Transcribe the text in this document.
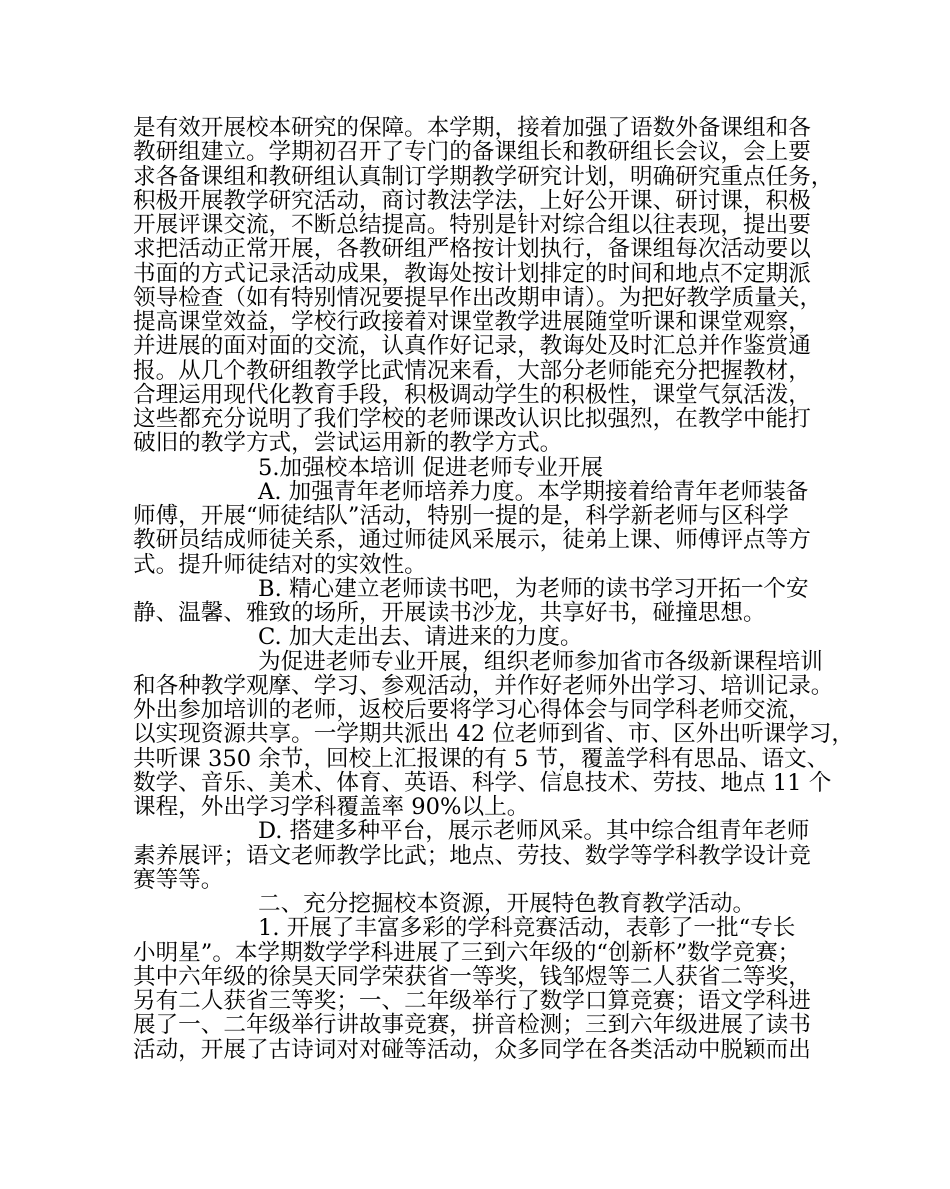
是有效开展校本研究的保障。本学期，接着加强了语数外备课组和各
教研组建立。学期初召开了专门的备课组长和教研组长会议，会上要
求各备课组和教研组认真制订学期教学研究计划，明确研究重点任务，
积极开展教学研究活动，商讨教法学法，上好公开课、研讨课，积极
开展评课交流，不断总结提高。特别是针对综合组以往表现，提出要
求把活动正常开展，各教研组严格按计划执行，备课组每次活动要以
书面的方式记录活动成果，教诲处按计划排定的时间和地点不定期派
领导检查（如有特别情况要提早作出改期申请）。为把好教学质量关，
提高课堂效益，学校行政接着对课堂教学进展随堂听课和课堂观察，
并进展的面对面的交流，认真作好记录，教诲处及时汇总并作鉴赏通
报。从几个教研组教学比武情况来看，大部分老师能充分把握教材，
合理运用现代化教育手段，积极调动学生的积极性，课堂气氛活泼，
这些都充分说明了我们学校的老师课改认识比拟强烈，在教学中能打
破旧的教学方式，尝试运用新的教学方式。
5.加强校本培训 促进老师专业开展
A. 加强青年老师培养力度。本学期接着给青年老师装备
师傅，开展“师徒结队”活动，特别一提的是，科学新老师与区科学
教研员结成师徒关系，通过师徒风采展示，徒弟上课、师傅评点等方
式。提升师徒结对的实效性。
B. 精心建立老师读书吧，为老师的读书学习开拓一个安
静、温馨、雅致的场所，开展读书沙龙，共享好书，碰撞思想。
C. 加大走出去、请进来的力度。
为促进老师专业开展，组织老师参加省市各级新课程培训
和各种教学观摩、学习、参观活动，并作好老师外出学习、培训记录。
外出参加培训的老师，返校后要将学习心得体会与同学科老师交流，
以实现资源共享。一学期共派出 42 位老师到省、市、区外出听课学习，
共听课 350 余节，回校上汇报课的有 5 节，覆盖学科有思品、语文、
数学、音乐、美术、体育、英语、科学、信息技术、劳技、地点 11 个
课程，外出学习学科覆盖率 90%以上。
D. 搭建多种平台，展示老师风采。其中综合组青年老师
素养展评；语文老师教学比武；地点、劳技、数学等学科教学设计竞
赛等等。
二、充分挖掘校本资源，开展特色教育教学活动。
1. 开展了丰富多彩的学科竞赛活动，表彰了一批“专长
小明星”。本学期数学学科进展了三到六年级的“创新杯”数学竞赛；
其中六年级的徐昊天同学荣获省一等奖，钱邹煜等二人获省二等奖，
另有二人获省三等奖；一、二年级举行了数学口算竞赛；语文学科进
展了一、二年级举行讲故事竞赛，拼音检测；三到六年级进展了读书
活动，开展了古诗词对对碰等活动，众多同学在各类活动中脱颖而出
